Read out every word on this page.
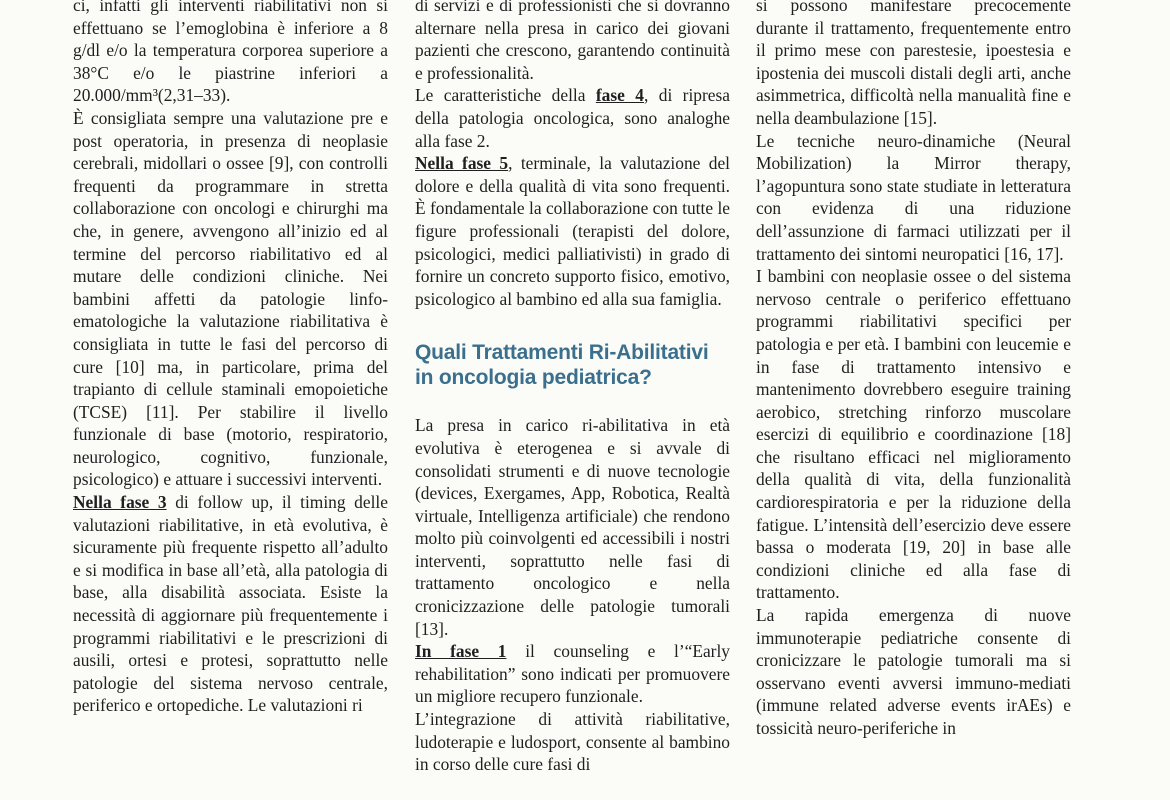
ci, infatti gli interventi riabilitativi non si effettuano se l’emoglobina è inferiore a 8 g/dl e/o la temperatura corporea superiore a 38°C e/o le piastrine inferiori a 20.000/mm³(2,31–33).

È consigliata sempre una valutazione pre e post operatoria, in presenza di neoplasie cerebrali, midollari o ossee [9], con controlli frequenti da programmare in stretta collaborazione con oncologi e chirurghi ma che, in genere, avvengono all’inizio ed al termine del percorso riabilitativo ed al mutare delle condizioni cliniche. Nei bambini affetti da patologie linfo-ematologiche la valutazione riabilitativa è consigliata in tutte le fasi del percorso di cure [10] ma, in particolare, prima del trapianto di cellule staminali emopoietiche (TCSE) [11]. Per stabilire il livello funzionale di base (motorio, respiratorio, neurologico, cognitivo, funzionale, psicologico) e attuare i successivi interventi.

Nella fase 3 di follow up, il timing delle valutazioni riabilitative, in età evolutiva, è sicuramente più frequente rispetto all’adulto e si modifica in base all’età, alla patologia di base, alla disabilità associata. Esiste la necessità di aggiornare più frequentemente i programmi riabilitativi e le prescrizioni di ausili, ortesi e protesi, soprattutto nelle patologie del sistema nervoso centrale, periferico e ortopediche. Le valutazioni ri

di servizi e di professionisti che si dovranno alternare nella presa in carico dei giovani pazienti che crescono, garantendo continuità e professionalità.

Le caratteristiche della fase 4, di ripresa della patologia oncologica, sono analoghe alla fase 2.

Nella fase 5, terminale, la valutazione del dolore e della qualità di vita sono frequenti. È fondamentale la collaborazione con tutte le figure professionali (terapisti del dolore, psicologici, medici palliativisti) in grado di fornire un concreto supporto fisico, emotivo, psicologico al bambino ed alla sua famiglia.

Quali Trattamenti Ri-Abilitativi in oncologia pediatrica?

La presa in carico ri-abilitativa in età evolutiva è eterogenea e si avvale di consolidati strumenti e di nuove tecnologie (devices, Exergames, App, Robotica, Realtà virtuale, Intelligenza artificiale) che rendono molto più coinvolgenti ed accessibili i nostri interventi, soprattutto nelle fasi di trattamento oncologico e nella cronicizzazione delle patologie tumorali [13].

In fase 1 il counseling e l’“Early rehabilitation” sono indicati per promuovere un migliore recupero funzionale.

L’integrazione di attività riabilitative, ludoterapie e ludosport, consente al bambino in corso delle cure fasi di

si possono manifestare precocemente durante il trattamento, frequentemente entro il primo mese con parestesie, ipoestesia e ipostenia dei muscoli distali degli arti, anche asimmetrica, difficoltà nella manualità fine e nella deambulazione [15].

Le tecniche neuro-dinamiche (Neural Mobilization) la Mirror therapy, l’agopuntura sono state studiate in letteratura con evidenza di una riduzione dell’assunzione di farmaci utilizzati per il trattamento dei sintomi neuropatici [16, 17].

I bambini con neoplasie ossee o del sistema nervoso centrale o periferico effettuano programmi riabilitativi specifici per patologia e per età. I bambini con leucemie e in fase di trattamento intensivo e mantenimento dovrebbero eseguire training aerobico, stretching rinforzo muscolare esercizi di equilibrio e coordinazione [18] che risultano efficaci nel miglioramento della qualità di vita, della funzionalità cardiorespiratoria e per la riduzione della fatigue. L’intensità dell’esercizio deve essere bassa o moderata [19, 20] in base alle condizioni cliniche ed alla fase di trattamento.

La rapida emergenza di nuove immunoterapie pediatriche consente di cronicizzare le patologie tumorali ma si osservano eventi avversi immuno-mediati (immune related adverse events irAEs) e tossicità neuro-periferiche in
